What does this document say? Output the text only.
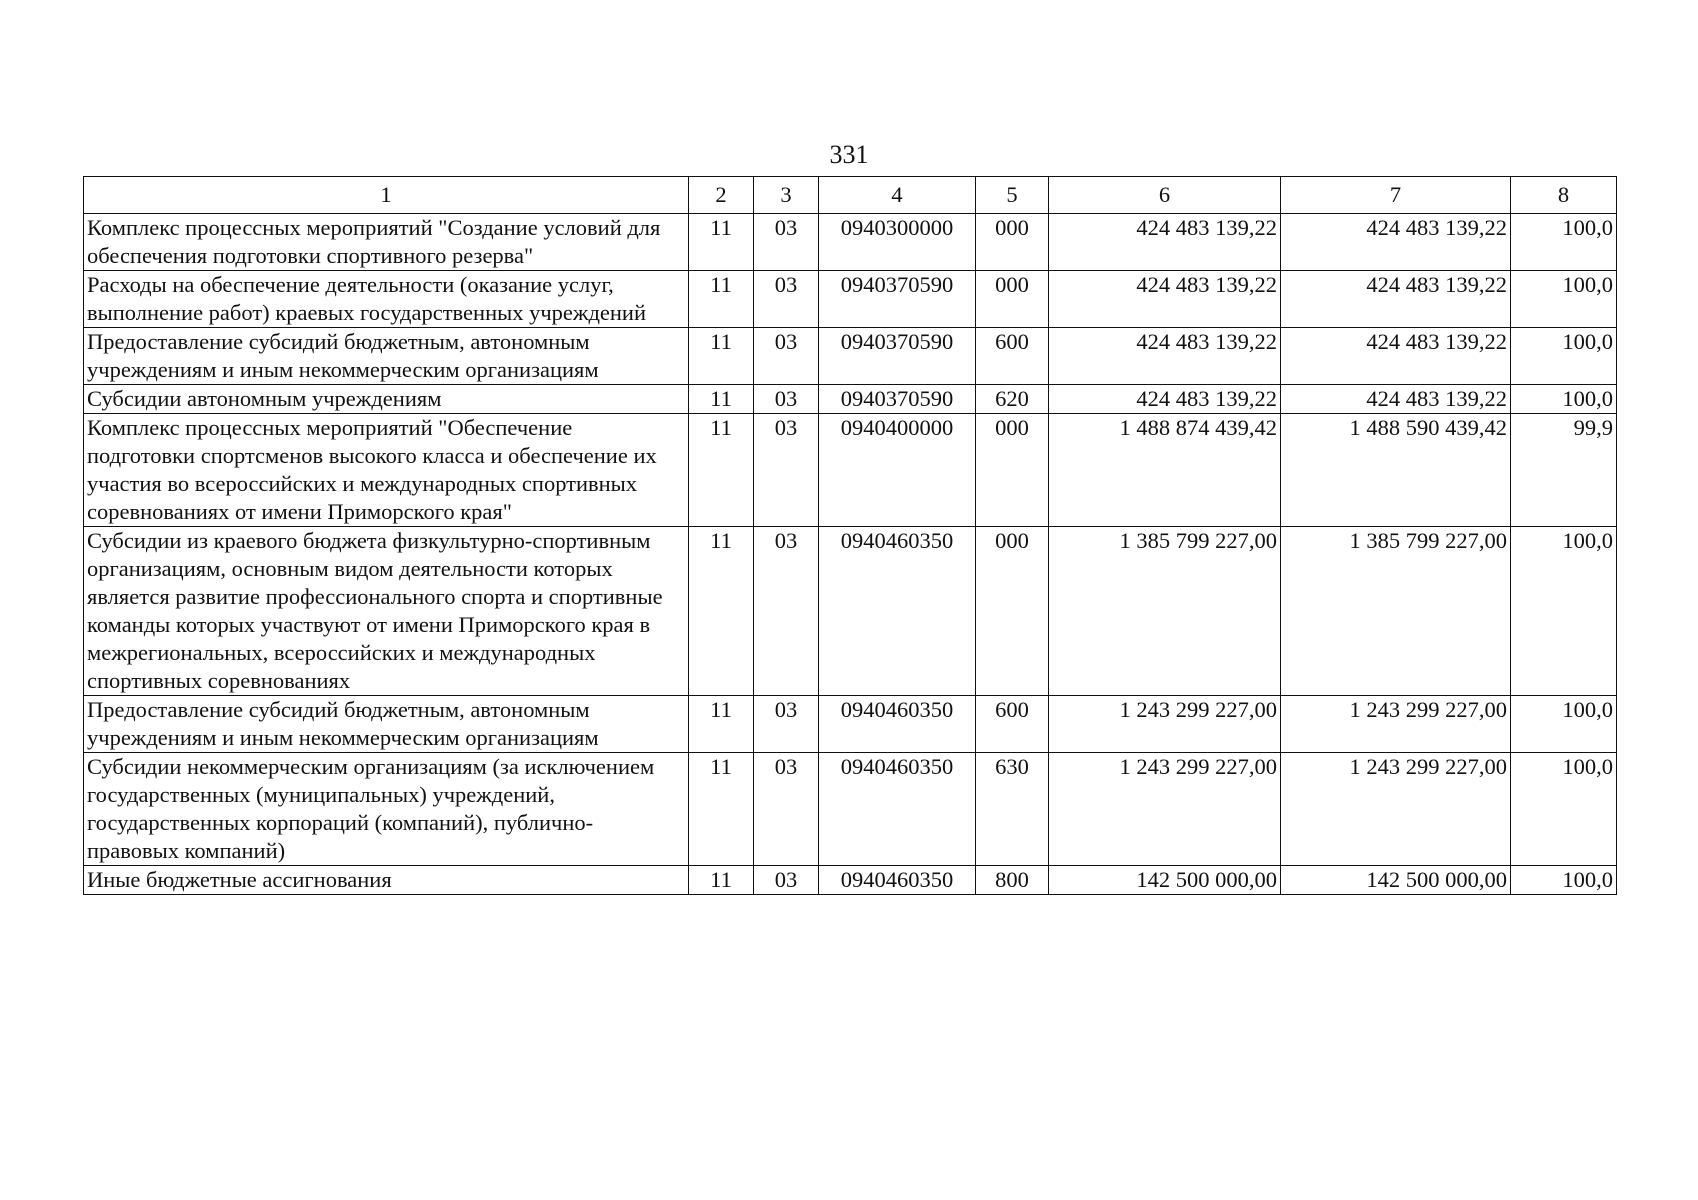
331
1	2	3	4	5	6	7	8
Комплекс процессных мероприятий "Создание условий для обеспечения подготовки спортивного резерва"	11	03	0940300000	000	424 483 139,22	424 483 139,22	100,0
Расходы на обеспечение деятельности (оказание услуг, выполнение работ) краевых государственных учреждений	11	03	0940370590	000	424 483 139,22	424 483 139,22	100,0
Предоставление субсидий бюджетным, автономным учреждениям и иным некоммерческим организациям	11	03	0940370590	600	424 483 139,22	424 483 139,22	100,0
Субсидии автономным учреждениям	11	03	0940370590	620	424 483 139,22	424 483 139,22	100,0
Комплекс процессных мероприятий "Обеспечение подготовки спортсменов высокого класса и обеспечение их участия во всероссийских и международных спортивных соревнованиях от имени Приморского края"	11	03	0940400000	000	1 488 874 439,42	1 488 590 439,42	99,9
Субсидии из краевого бюджета физкультурно-спортивным организациям, основным видом деятельности которых является развитие профессионального спорта и спортивные команды которых участвуют от имени Приморского края в межрегиональных, всероссийских и международных спортивных соревнованиях	11	03	0940460350	000	1 385 799 227,00	1 385 799 227,00	100,0
Предоставление субсидий бюджетным, автономным учреждениям и иным некоммерческим организациям	11	03	0940460350	600	1 243 299 227,00	1 243 299 227,00	100,0
Субсидии некоммерческим организациям (за исключением государственных (муниципальных) учреждений, государственных корпораций (компаний), публично-правовых компаний)	11	03	0940460350	630	1 243 299 227,00	1 243 299 227,00	100,0
Иные бюджетные ассигнования	11	03	0940460350	800	142 500 000,00	142 500 000,00	100,0
